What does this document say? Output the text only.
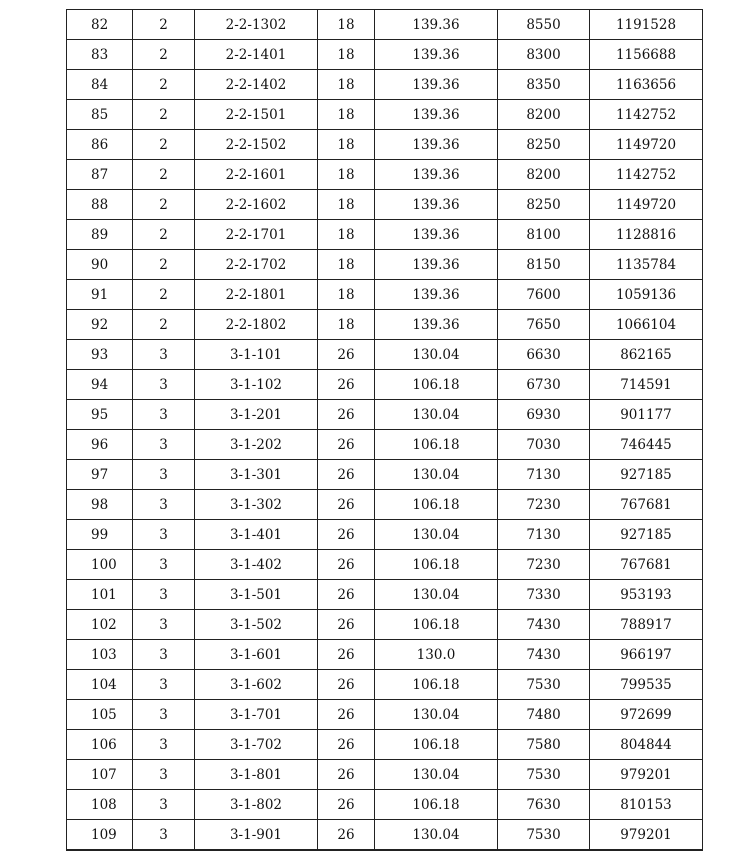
82	2	2-2-1302	18	139.36	8550	1191528
83	2	2-2-1401	18	139.36	8300	1156688
84	2	2-2-1402	18	139.36	8350	1163656
85	2	2-2-1501	18	139.36	8200	1142752
86	2	2-2-1502	18	139.36	8250	1149720
87	2	2-2-1601	18	139.36	8200	1142752
88	2	2-2-1602	18	139.36	8250	1149720
89	2	2-2-1701	18	139.36	8100	1128816
90	2	2-2-1702	18	139.36	8150	1135784
91	2	2-2-1801	18	139.36	7600	1059136
92	2	2-2-1802	18	139.36	7650	1066104
93	3	3-1-101	26	130.04	6630	862165
94	3	3-1-102	26	106.18	6730	714591
95	3	3-1-201	26	130.04	6930	901177
96	3	3-1-202	26	106.18	7030	746445
97	3	3-1-301	26	130.04	7130	927185
98	3	3-1-302	26	106.18	7230	767681
99	3	3-1-401	26	130.04	7130	927185
100	3	3-1-402	26	106.18	7230	767681
101	3	3-1-501	26	130.04	7330	953193
102	3	3-1-502	26	106.18	7430	788917
103	3	3-1-601	26	130.0	7430	966197
104	3	3-1-602	26	106.18	7530	799535
105	3	3-1-701	26	130.04	7480	972699
106	3	3-1-702	26	106.18	7580	804844
107	3	3-1-801	26	130.04	7530	979201
108	3	3-1-802	26	106.18	7630	810153
109	3	3-1-901	26	130.04	7530	979201
